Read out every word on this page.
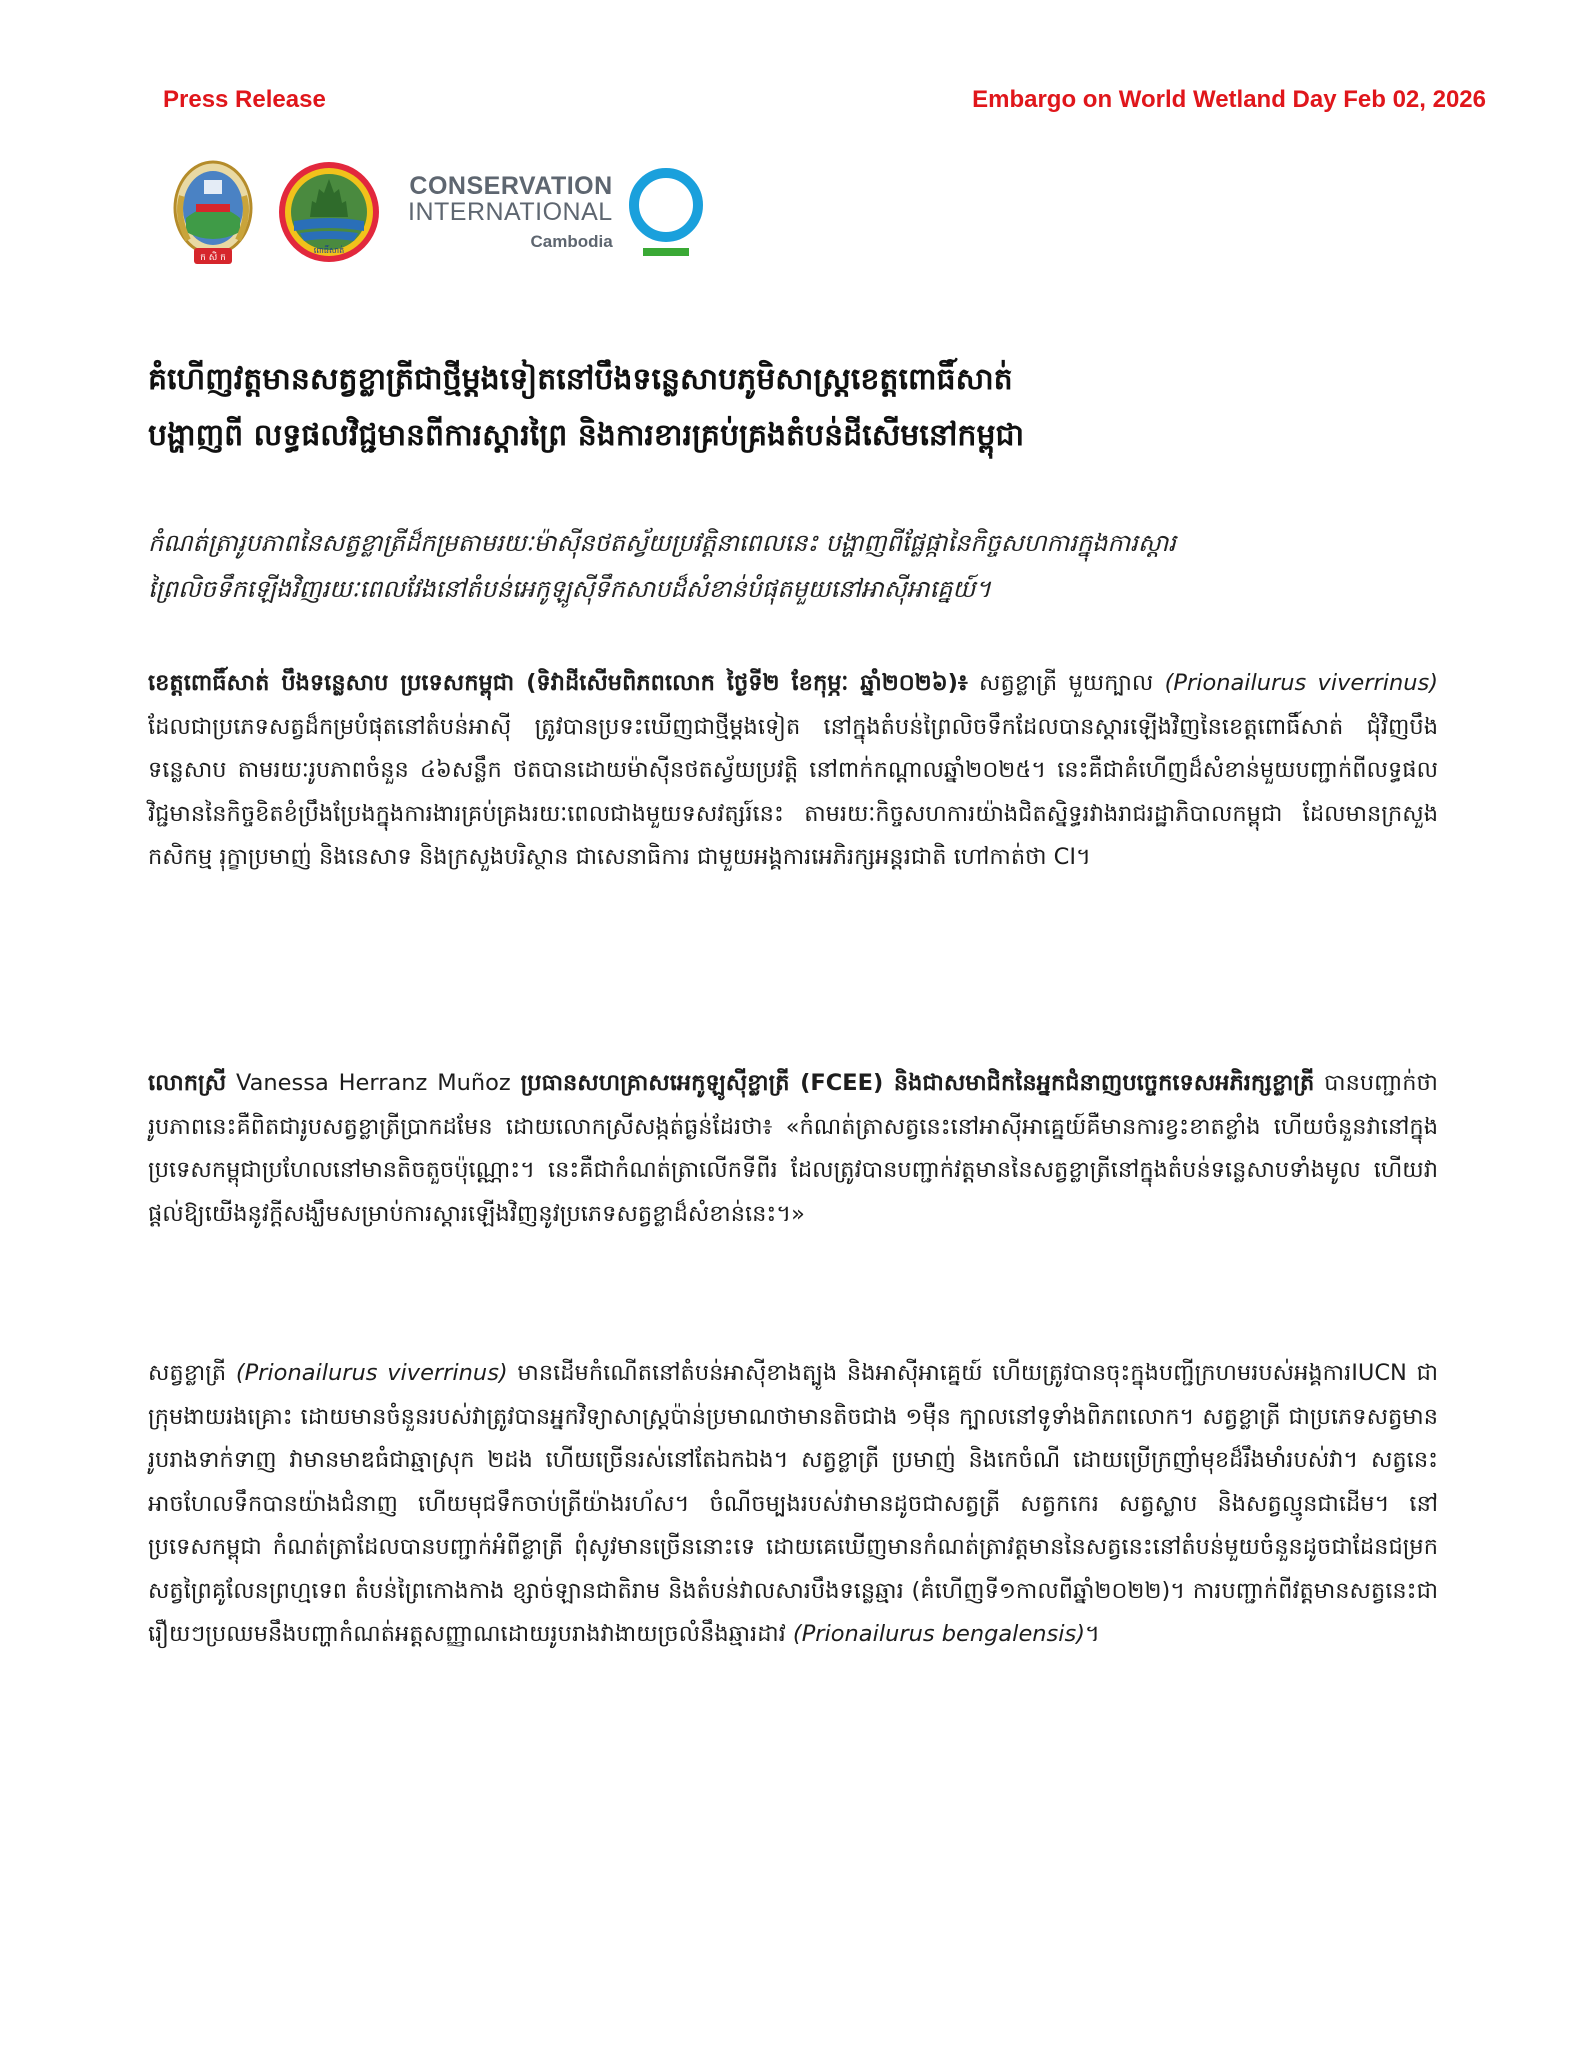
Press Release	Embargo on World Wetland Day Feb 02, 2026
ក សិ ក
ពោធិ៍សាត់
CONSERVATION
INTERNATIONAL
Cambodia
គំហើញវត្តមានសត្វខ្លាត្រីជាថ្មីម្តងទៀតនៅបឹងទន្លេសាបភូមិសាស្ត្រខេត្តពោធិ៍សាត់
បង្ហាញពី លទ្ធផលវិជ្ជមានពីការស្តារព្រៃ និងការខារគ្រប់គ្រងតំបន់ដីសើមនៅកម្ពុជា
កំណត់ត្រារូបភាពនៃសត្វខ្លាត្រីដ៏កម្រតាមរយៈម៉ាស៊ីនថតស្វ័យប្រវត្តិនាពេលនេះ បង្ហាញពីផ្លែផ្កានៃកិច្ចសហការក្នុងការស្តារ
ព្រៃលិចទឹកឡើងវិញរយៈពេលវែងនៅតំបន់អេកូឡូស៊ីទឹកសាបដ៏សំខាន់បំផុតមួយនៅអាស៊ីអាគ្នេយ៍។
ខេត្តពោធិ៍សាត់ បឹងទន្លេសាប ប្រទេសកម្ពុជា (ទិវាដីសើមពិភពលោក ថ្ងៃទី២ ខែកុម្ភៈ ឆ្នាំ២០២៦)៖ សត្វខ្លាត្រី មួយក្បាល (Prionailurus viverrinus) ដែលជាប្រភេទសត្វដ៏កម្របំផុតនៅតំបន់អាស៊ី ត្រូវបានប្រទះឃើញជាថ្មីម្តងទៀត នៅក្នុងតំបន់ព្រៃលិចទឹកដែលបានស្តារឡើងវិញនៃខេត្តពោធិ៍សាត់ ជុំវិញបឹងទន្លេសាប តាមរយៈរូបភាពចំនួន ៤៦សន្លឹក ថតបានដោយម៉ាស៊ីនថតស្វ័យប្រវត្តិ នៅពាក់កណ្តាលឆ្នាំ២០២៥។ នេះគឺជាគំហើញដ៏សំខាន់មួយបញ្ជាក់ពីលទ្ធផលវិជ្ជមាននៃកិច្ចខិតខំប្រឹងប្រែងក្នុងការងារគ្រប់គ្រងរយៈពេលជាងមួយទសវត្សរ៍នេះ តាមរយៈកិច្ចសហការយ៉ាងជិតស្និទ្ធរវាងរាជរដ្ឋាភិបាលកម្ពុជា ដែលមានក្រសួងកសិកម្ម រុក្ខាប្រមាញ់ និងនេសាទ និងក្រសួងបរិស្ថាន ជាសេនាធិការ ជាមួយអង្គការអេភិរក្សអន្តរជាតិ ហៅកាត់ថា CI។
លោកស្រី Vanessa Herranz Muñoz ប្រធានសហគ្រាសអេកូឡូស៊ីខ្លាត្រី (FCEE) និងជាសមាជិកនៃអ្នកជំនាញបច្ចេកទេសអភិរក្សខ្លាត្រី បានបញ្ជាក់ថា រូបភាពនេះគឺពិតជារូបសត្វខ្លាត្រីប្រាកដមែន ដោយលោកស្រីសង្កត់ធ្ងន់ដែរថា៖ «កំណត់ត្រាសត្វនេះនៅអាស៊ីអាគ្នេយ៍គឺមានការខ្វះខាតខ្លាំង ហើយចំនួនវានៅក្នុងប្រទេសកម្ពុជាប្រហែលនៅមានតិចតួចប៉ុណ្ណោះ។ នេះគឺជាកំណត់ត្រាលើកទីពីរ ដែលត្រូវបានបញ្ជាក់វត្តមាននៃសត្វខ្លាត្រីនៅក្នុងតំបន់ទន្លេសាបទាំងមូល ហើយវាផ្តល់ឱ្យយើងនូវក្តីសង្ឃឹមសម្រាប់ការស្តារឡើងវិញនូវប្រភេទសត្វខ្លាដ៏សំខាន់នេះ។»
សត្វខ្លាត្រី (Prionailurus viverrinus) មានដើមកំណើតនៅតំបន់អាស៊ីខាងត្បូង និងអាស៊ីអាគ្នេយ៍ ហើយត្រូវបានចុះក្នុងបញ្ជីក្រហមរបស់អង្គការIUCN ជាក្រុមងាយរងគ្រោះ ដោយមានចំនួនរបស់វាត្រូវបានអ្នកវិទ្យាសាស្ត្រប៉ាន់ប្រមាណថាមានតិចជាង ១ម៉ឺន ក្បាលនៅទូទាំងពិភពលោក។ សត្វខ្លាត្រី ជាប្រភេទសត្វមានរូបរាងទាក់ទាញ វាមានមាឌធំជាឆ្មាស្រុក ២ដង ហើយច្រើនរស់នៅតែឯកឯង។ សត្វខ្លាត្រី ប្រមាញ់ និងកេចំណី ដោយប្រើក្រញាំមុខដ៏រឹងមាំរបស់វា។ សត្វនេះអាចហែលទឹកបានយ៉ាងជំនាញ ហើយមុជទឹកចាប់ត្រីយ៉ាងរហ័ស។ ចំណីចម្បងរបស់វាមានដូចជាសត្វត្រី សត្វកកេរ សត្វស្លាប និងសត្វល្មូនជាដើម។ នៅប្រទេសកម្ពុជា កំណត់ត្រាដែលបានបញ្ជាក់អំពីខ្លាត្រី ពុំសូវមានច្រើននោះទេ ដោយគេឃើញមានកំណត់ត្រាវត្តមាននៃសត្វនេះនៅតំបន់មួយចំនួនដូចជាដែនជម្រកសត្វព្រៃគូលែនព្រហ្មទេព តំបន់ព្រៃកោងកាង ខ្សាច់ឡានជាតិរាម និងតំបន់វាលសារបឹងទន្លេឆ្មារ (គំហើញទី១កាលពីឆ្នាំ២០២២)។ ការបញ្ជាក់ពីវត្តមានសត្វនេះជារឿយៗប្រឈមនឹងបញ្ហាកំណត់អត្តសញ្ញាណដោយរូបរាងវាងាយច្រលំនឹងឆ្មារដាវ (Prionailurus bengalensis)។
